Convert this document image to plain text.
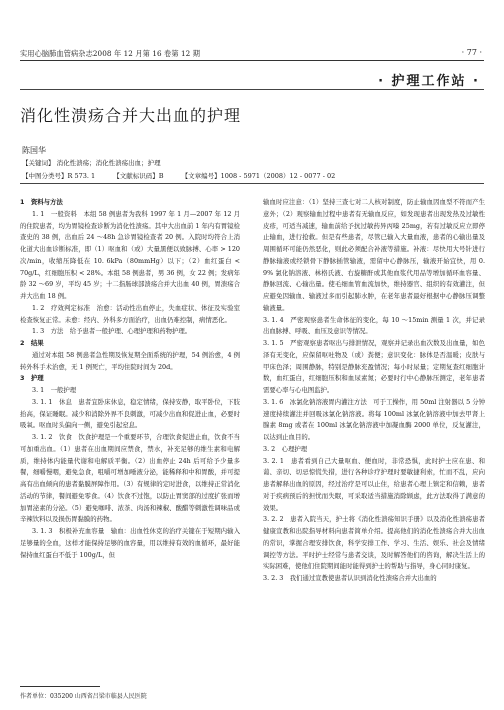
实用心脑肺血管病杂志2008 年 12 月第 16 卷第 12 期	· 77 ·
· 护理工作站 ·
消化性溃疡合并大出血的护理
陈国华
【关键词】 消化性溃疡；消化性溃疡出血；护理
【中图分类号】R 573. 1	【文献标识码】B	【文章编号】1008 - 5971（2008）12 - 0077 - 02

1　资料与方法

1. 1　一般资料　本组 58 例患者为我科 1997 年 1 月—2007 年 12 月的住院患者，均为胃镜检查诊断为消化性溃疡。其中大出血前 1 年内有胃镜检查史的 38 例，出血后 24 ～48h 急诊胃镜检查者 20 例。入院时均符合上消化道大出血诊断标准，即（1）呕血和（或）大量黑便以致脉搏、心率 > 120 次/min，收缩压降低在 10. 6kPa（80mmHg）以下；（2）血红蛋白 < 70g/L，红细胞压积 < 28%。本组 58 例患者，男 36 例，女 22 例；发病年龄 32 ～69 岁，平均 45 岁；十二指肠球部溃疡合并大出血 40 例，胃溃疡合并大出血 18 例。

1. 2　疗效判定标准　治愈：活动性出血停止，失血症状、体征及实验室检查恢复正常。未愈：经内、外科多方面治疗，出血仍难控制，病情恶化。

1. 3　方法　给予患者一般护理、心理护理和药物护理。

2　结果

通过对本组 58 例患者急性期及恢复期全面系统的护理，54 例治愈，4 例转外科手术治愈，无 1 例死亡，平均住院时间为 20d。

3　护理

3. 1　一般护理

3. 1. 1　休息　患者宜卧床休息，稳定情绪，保持安静，取平卧位，下肢抬高，保证睡眠。减少和消除外界不良刺激，可减少出血和促进止血，必要时吸氧。呕血时头偏向一侧，避免引起窒息。

3. 1. 2　饮食　饮食护理是一个重要环节，合理饮食促进止血，饮食不当可加重出血。（1）患者在出血期间应禁食，禁水，补充足够的维生素和电解质，维持体内能量代谢和电解质平衡。（2）出血停止 24h 后可给予少量多餐，细嚼慢咽，避免急食，咀嚼可增加唾液分泌，能稀释和中和胃酸，并可提高有出血倾向的患者黏膜屏障作用。（3）有规律的定时进食，以维持正常消化活动的节律，餐间避免零食。（4）饮食不过饱，以防止胃窦部的过度扩张而增加胃泌素的分泌。（5）避免咖啡、浓茶、肉汤和辣椒、酸醋等刺激性调味品或辛辣饮料以及损伤胃黏膜的药物。

3. 1. 3　积极补充血容量　输血：出血性休克的治疗关键在于短期内输入足够量的全血，这样才能保持足够的血容量，用以维持有效的血循环，最好能保持血红蛋白不低于 100g/L，但

输血时应注意：（1）坚持三查七对二人核对制度，防止输血因血型不符而产生意外；（2）观察输血过程中患者有无输血反应，如发现患者出现发热及过敏性皮疹，可适当减速，输血前给予抗过敏药异丙嗪 25mg，若有过敏反应立即停止输血，进行抢救。但是有些患者，尽管已输入大量血液，患者的心输出量及周围循环可能仍然恶化，则此必须配合补液等措施。补液：尽快用大号针进行静脉输液或经锁骨下静脉插管输液，需留中心静脉压，输液开始宜快，用 0. 9% 氯化钠溶液、林格氏液、右旋糖酐或其他血浆代用品等增加循环血容量、静脉回流、心输出量。使毛细血管血流加快，维持器官、组织的有效灌注，但应避免因输血、输液过多而引起肺水肿，在老年患者最好根据中心静脉压调整输液量。

3. 1. 4　严密观察患者生命体征的变化，每 10 ～15min 测量 1 次，并记录出血脉搏、呼吸、血压及意识等情况。

3. 1. 5　严密观察患者呕出与排泄情况，观察并记录出血次数及出血量，如色泽有无变化，应保留呕吐物及（或）粪便；意识变化：脉体是否温暖；皮肤与甲床色泽；周围静脉，特别是静脉充盈情况；每小时尿量；定期复查红细胞计数，血红蛋白，红细胞压积和血尿素氮；必要时行中心静脉压测定，老年患者需要心率与心电图监护。

3. 1. 6　冰氯化钠溶液胃内灌注方法　可于工操作，用 50ml 注射器以 5 分钟速度持续灌注并回吸冰氯化钠溶液。将每 100ml 冰氯化钠溶液中加去甲肾上腺素 8mg 或者在 100ml 冰氯化钠溶液中加凝血酶 2000 单位，反复灌注，以达到止血目的。

3. 2　心理护理

3. 2. 1　患者看到自己大量呕血、便血时，非常恐惧，此时护士应在患、和蔼、亲切、切忌惊慌失措，进行各种诊疗护理时要敏捷利索，忙而不乱，应向患者解释出血的原因，经过治疗是可以止住，给患者心理上镇定和信赖，患者对于疾病预后的担忧而失眠，可采取适当措施消除顾虑，此方法取得了满意的效果。

3. 2. 2　患者入院当天，护士将《消化性溃疡知识手册》以及消化性溃疡患者健康宣教和出院指导材料向患者简单介绍。提高他们的消化性溃疡合并大出血的常识，掌握合理安排饮食，科学安排工作、学习、生活、娱乐、社会及情绪调控等方法。平时护士经常与患者交谈，及时解答他们的咨询，解决生活上的实际困难，使他们住院期间能时能得到护士的帮助与指导，身心同时康复。

3. 2. 3　我们通过宣教使患者认识到消化性溃疡合并大出血的

作者单位：035200 山西省吕梁市临县人民医院
